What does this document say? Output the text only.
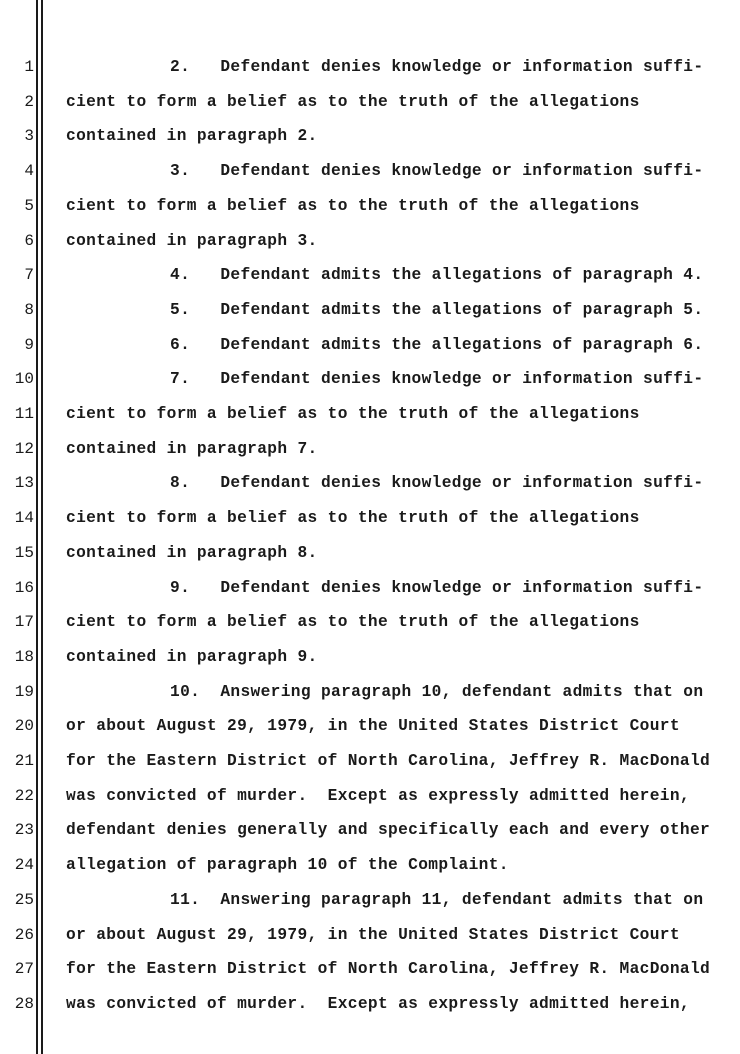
1
2
3
4
5
6
7
8
9
10
11
12
13
14
15
16
17
18
19
20
21
22
23
24
25
26
27
28
2.   Defendant denies knowledge or information suffi-
cient to form a belief as to the truth of the allegations
contained in paragraph 2.
3.   Defendant denies knowledge or information suffi-
cient to form a belief as to the truth of the allegations
contained in paragraph 3.
4.   Defendant admits the allegations of paragraph 4.
5.   Defendant admits the allegations of paragraph 5.
6.   Defendant admits the allegations of paragraph 6.
7.   Defendant denies knowledge or information suffi-
cient to form a belief as to the truth of the allegations
contained in paragraph 7.
8.   Defendant denies knowledge or information suffi-
cient to form a belief as to the truth of the allegations
contained in paragraph 8.
9.   Defendant denies knowledge or information suffi-
cient to form a belief as to the truth of the allegations
contained in paragraph 9.
10.  Answering paragraph 10, defendant admits that on
or about August 29, 1979, in the United States District Court
for the Eastern District of North Carolina, Jeffrey R. MacDonald
was convicted of murder.  Except as expressly admitted herein,
defendant denies generally and specifically each and every other
allegation of paragraph 10 of the Complaint.
11.  Answering paragraph 11, defendant admits that on
or about August 29, 1979, in the United States District Court
for the Eastern District of North Carolina, Jeffrey R. MacDonald
was convicted of murder.  Except as expressly admitted herein,
